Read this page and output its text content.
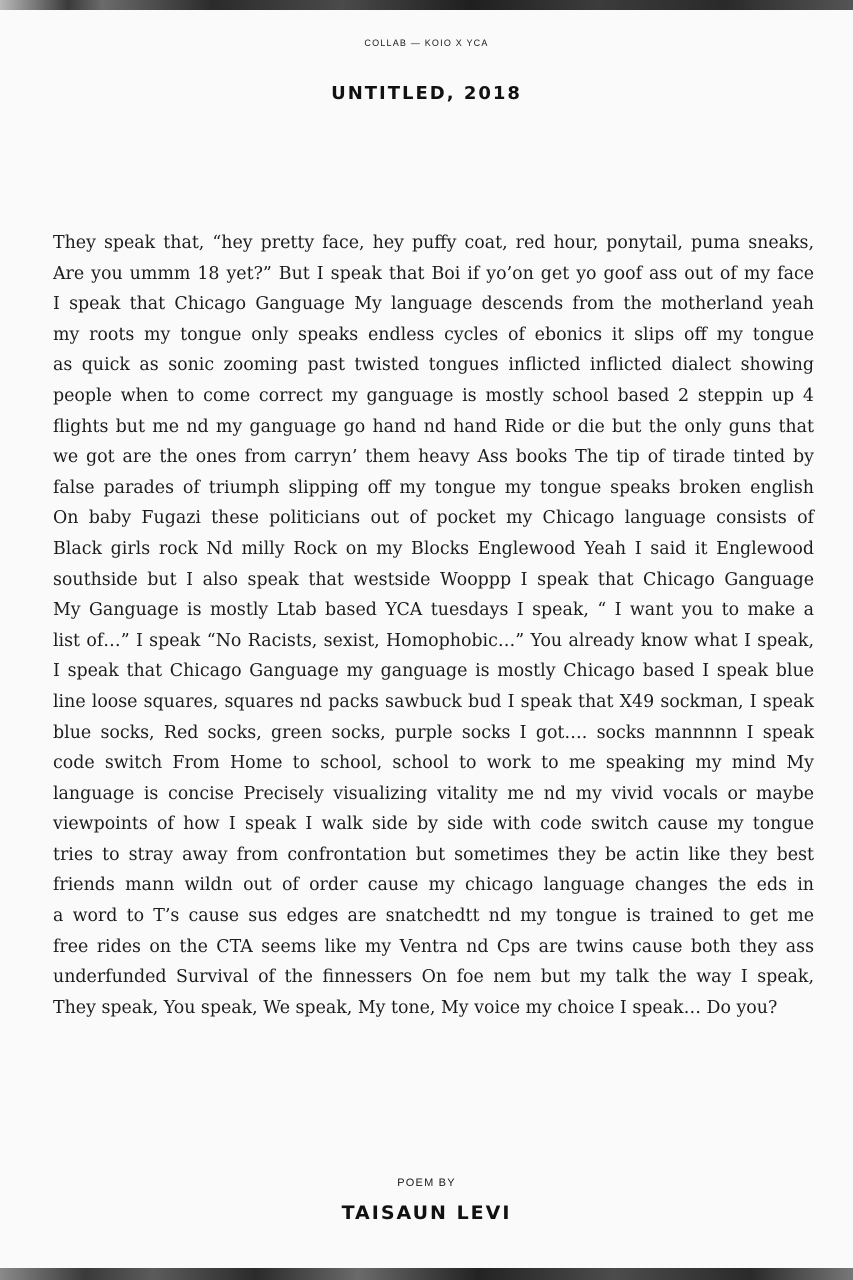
COLLAB — KOIO X YCA
UNTITLED, 2018
They speak that, “hey pretty face, hey puffy coat, red hour, ponytail, puma sneaks,
Are you ummm 18 yet?” But I speak that Boi if yo’on get yo goof ass out of my face
I speak that Chicago Ganguage My language descends from the motherland yeah
my roots my tongue only speaks endless cycles of ebonics it slips off my tongue
as quick as sonic zooming past twisted tongues inflicted inflicted dialect showing
people when to come correct my ganguage is mostly school based 2 steppin up 4
flights but me nd my ganguage go hand nd hand Ride or die but the only guns that
we got are the ones from carryn’ them heavy Ass books The tip of tirade tinted by
false parades of triumph slipping off my tongue my tongue speaks broken english
On baby Fugazi these politicians out of pocket my Chicago language consists of
Black girls rock Nd milly Rock on my Blocks Englewood Yeah I said it Englewood
southside but I also speak that westside Wooppp I speak that Chicago Ganguage
My Ganguage is mostly Ltab based YCA tuesdays I speak, “ I want you to make a
list of…” I speak “No Racists, sexist, Homophobic…” You already know what I speak,
I speak that Chicago Ganguage my ganguage is mostly Chicago based I speak blue
line loose squares, squares nd packs sawbuck bud I speak that X49 sockman, I speak
blue socks, Red socks, green socks, purple socks I got…. socks mannnnn I speak
code switch From Home to school, school to work to me speaking my mind My
language is concise Precisely visualizing vitality me nd my vivid vocals or maybe
viewpoints of how I speak I walk side by side with code switch cause my tongue
tries to stray away from confrontation but sometimes they be actin like they best
friends mann wildn out of order cause my chicago language changes the eds in
a word to T’s cause sus edges are snatchedtt nd my tongue is trained to get me
free rides on the CTA seems like my Ventra nd Cps are twins cause both they ass
underfunded Survival of the finnessers On foe nem but my talk the way I speak,
They speak, You speak, We speak, My tone, My voice my choice I speak… Do you?
POEM BY
TAISAUN LEVI
